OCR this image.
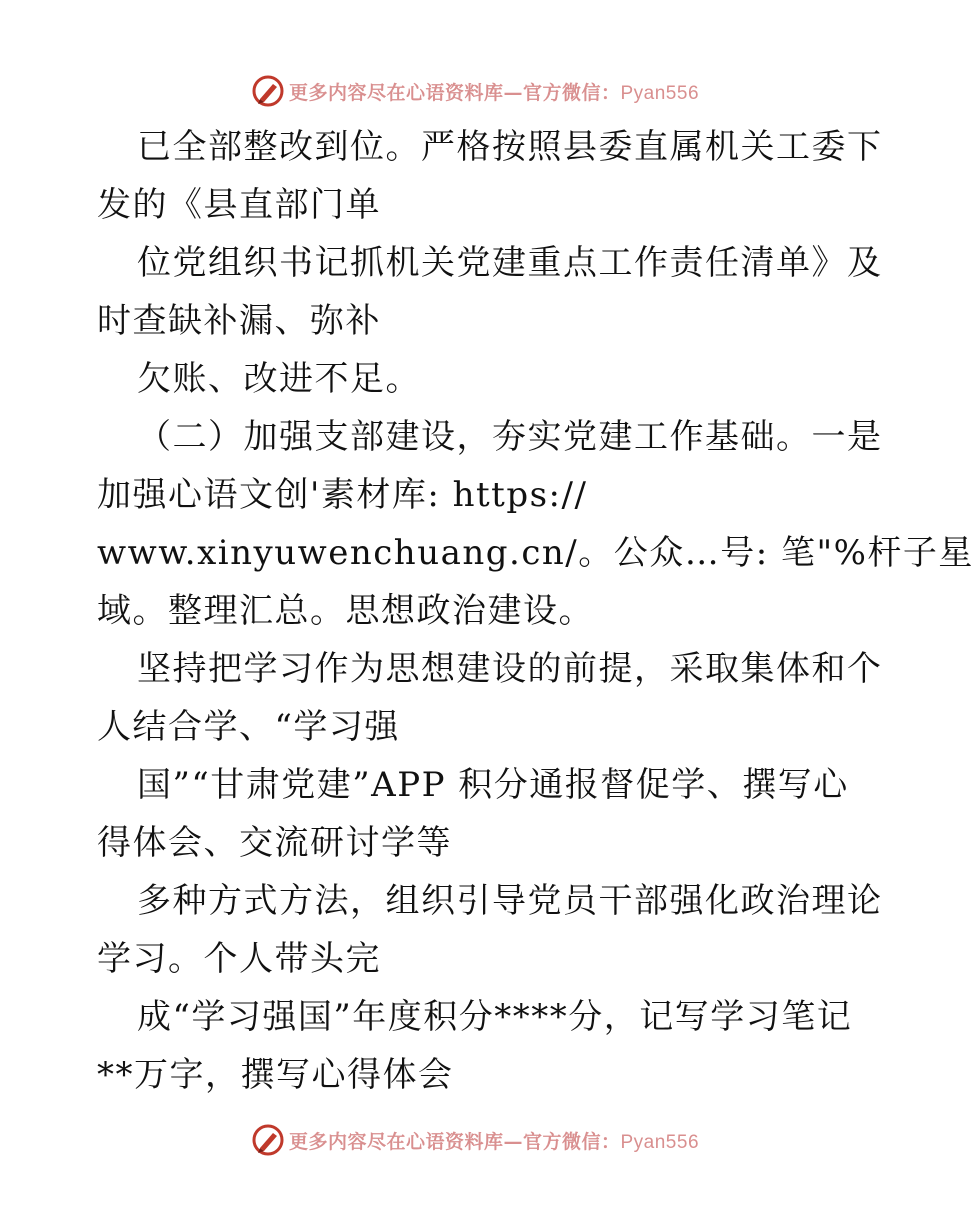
更多内容尽在心语资料库—官方微信：Pyan556
已全部整改到位。严格按照县委直属机关工委下
发的《县直部门单
位党组织书记抓机关党建重点工作责任清单》及
时查缺补漏、弥补
欠账、改进不足。
（二）加强支部建设，夯实党建工作基础。一是
加强心语文创'素材库: https://
www.xinyuwenchuang.cn/。公众…号: 笔"%杆子星
域。整理汇总。思想政治建设。
坚持把学习作为思想建设的前提，采取集体和个
人结合学、“学习强
国”“甘肃党建”APP 积分通报督促学、撰写心
得体会、交流研讨学等
多种方式方法，组织引导党员干部强化政治理论
学习。个人带头完
成“学习强国”年度积分****分，记写学习笔记
**万字，撰写心得体会
更多内容尽在心语资料库—官方微信：Pyan556
